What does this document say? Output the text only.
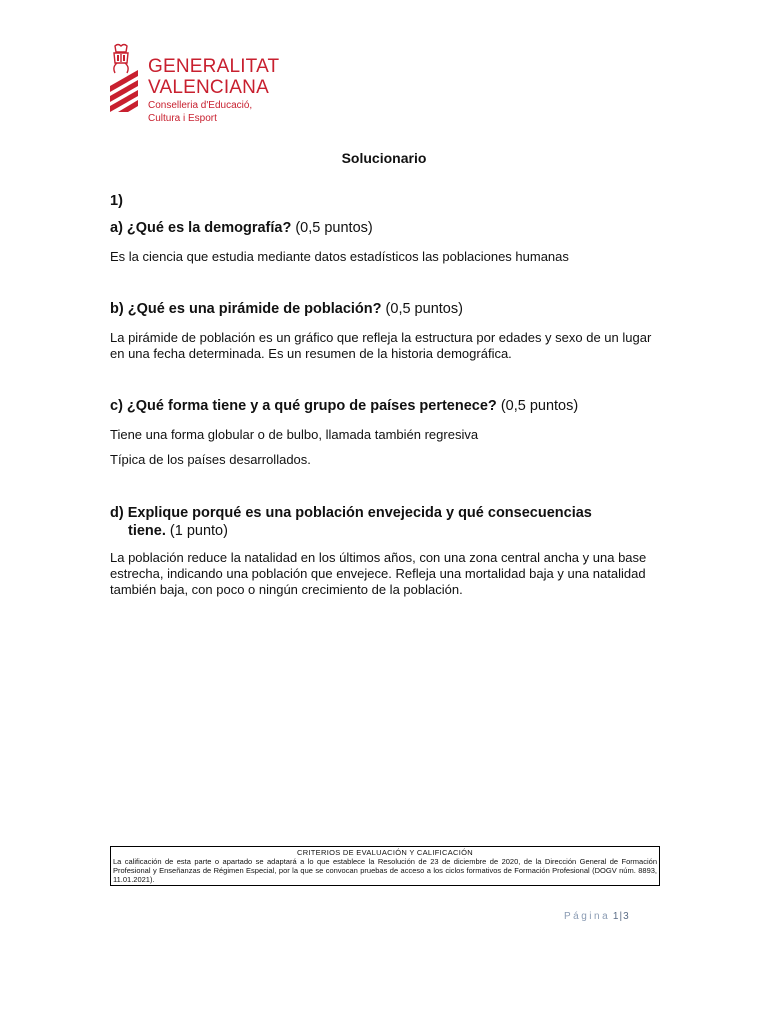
GENERALITAT
VALENCIANA
Conselleria d'Educació,
Cultura i Esport
Solucionario
1)
a) ¿Qué es la demografía? (0,5 puntos)
Es la ciencia que estudia mediante datos estadísticos las poblaciones humanas
b) ¿Qué es una pirámide de población? (0,5 puntos)
La pirámide de población es un gráfico que refleja la estructura por edades y sexo de un lugar en una fecha determinada. Es un resumen de la historia demográfica.
c) ¿Qué forma tiene y a qué grupo de países pertenece? (0,5 puntos)
Tiene una forma globular o de bulbo, llamada también regresiva
Típica de los países desarrollados.
d) Explique porqué es una población envejecida y qué consecuencias
tiene. (1 punto)
La población reduce la natalidad en los últimos años, con una zona central ancha y una base estrecha, indicando una población que envejece. Refleja una mortalidad baja y una natalidad también baja, con poco o ningún crecimiento de la población.
CRITERIOS DE EVALUACIÓN Y CALIFICACIÓN
La calificación de esta parte o apartado se adaptará a lo que establece la Resolución de 23 de diciembre de 2020, de la Dirección General de Formación Profesional y Enseñanzas de Régimen Especial, por la que se convocan pruebas de acceso a los ciclos formativos de Formación Profesional (DOGV núm. 8893, 11.01.2021).
Página 1|3
